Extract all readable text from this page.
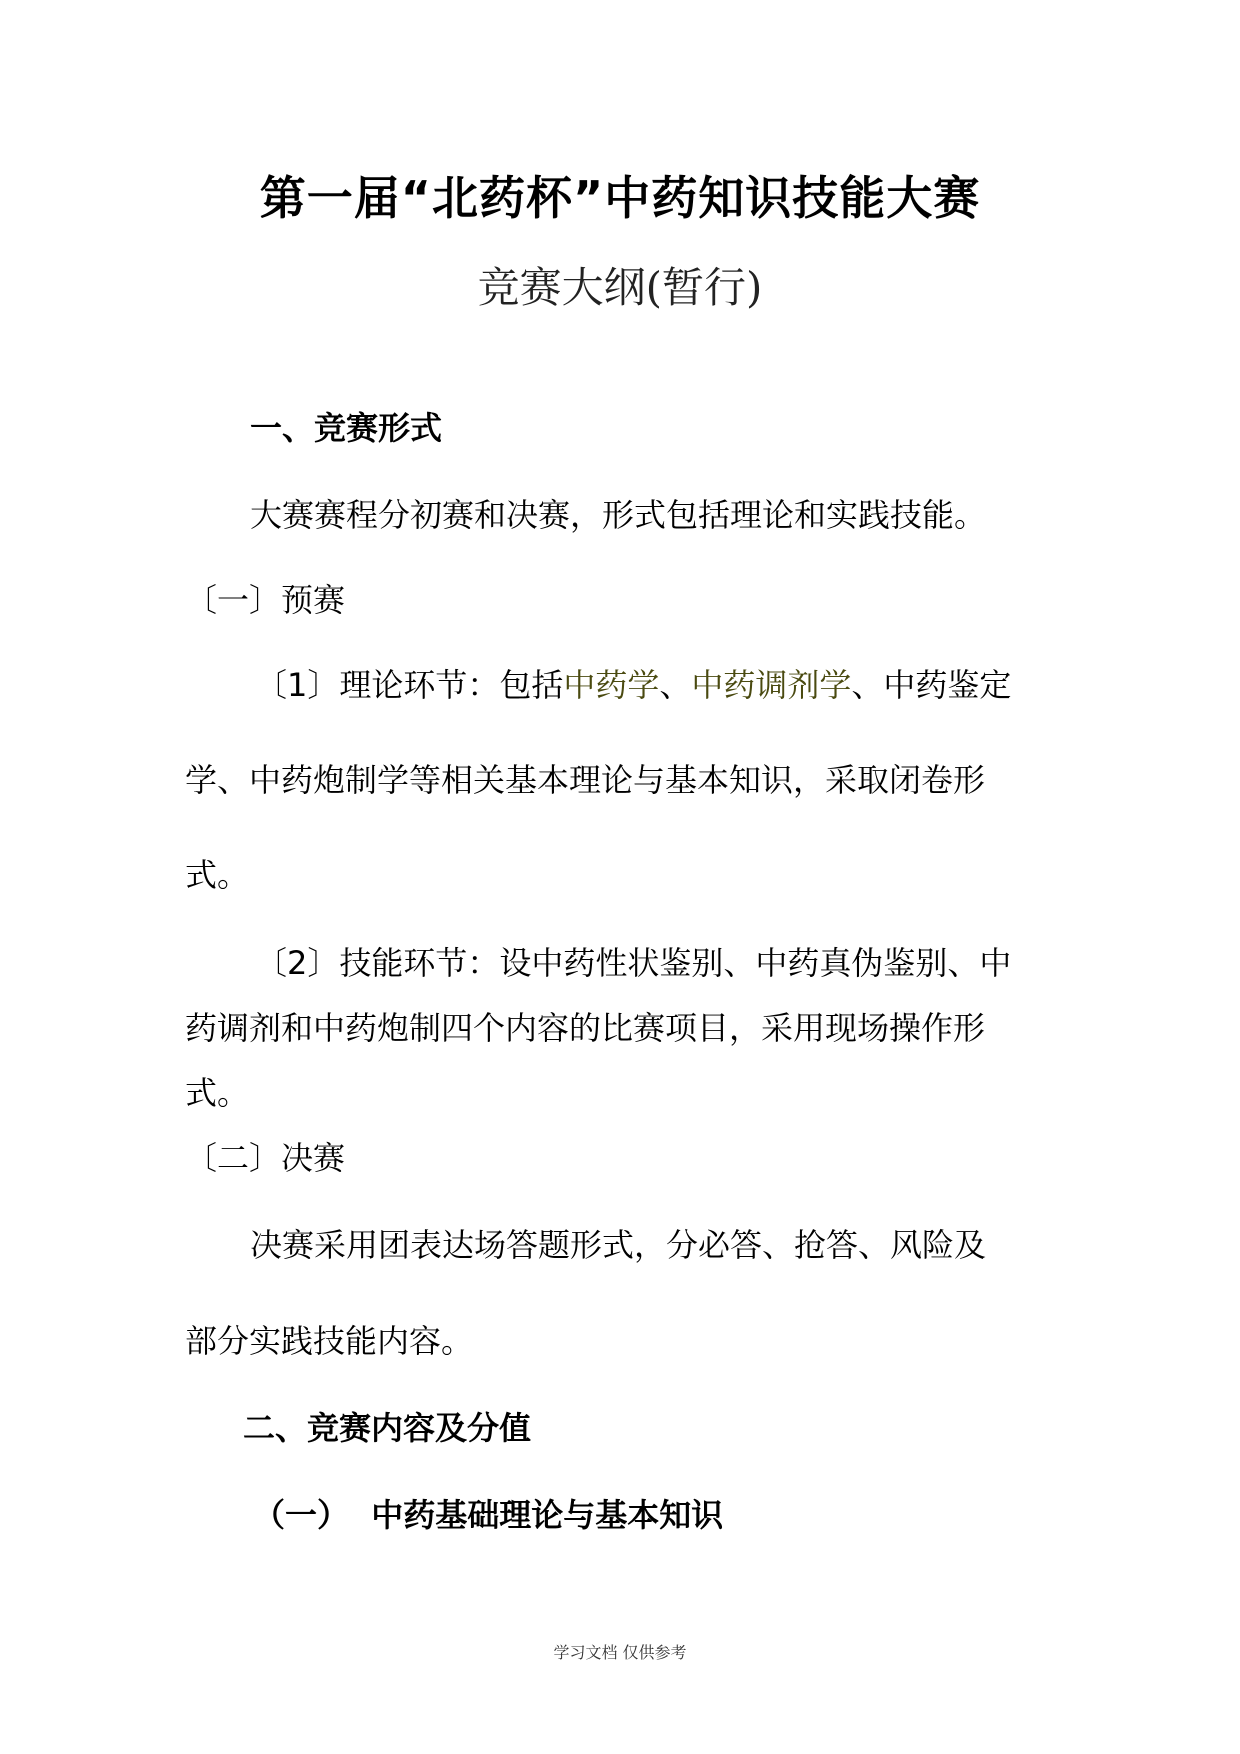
第一届“北药杯”中药知识技能大赛
竞赛大纲(暂行)
一、竞赛形式
大赛赛程分初赛和决赛，形式包括理论和实践技能。
〔一〕预赛
〔1〕理论环节：包括中药学、中药调剂学、中药鉴定
学、中药炮制学等相关基本理论与基本知识，采取闭卷形
式。
〔2〕技能环节：设中药性状鉴别、中药真伪鉴别、中
药调剂和中药炮制四个内容的比赛项目，采用现场操作形
式。
〔二〕决赛
决赛采用团表达场答题形式，分必答、抢答、风险及
部分实践技能内容。
二、竞赛内容及分值
（一）  中药基础理论与基本知识
学习文档 仅供参考
